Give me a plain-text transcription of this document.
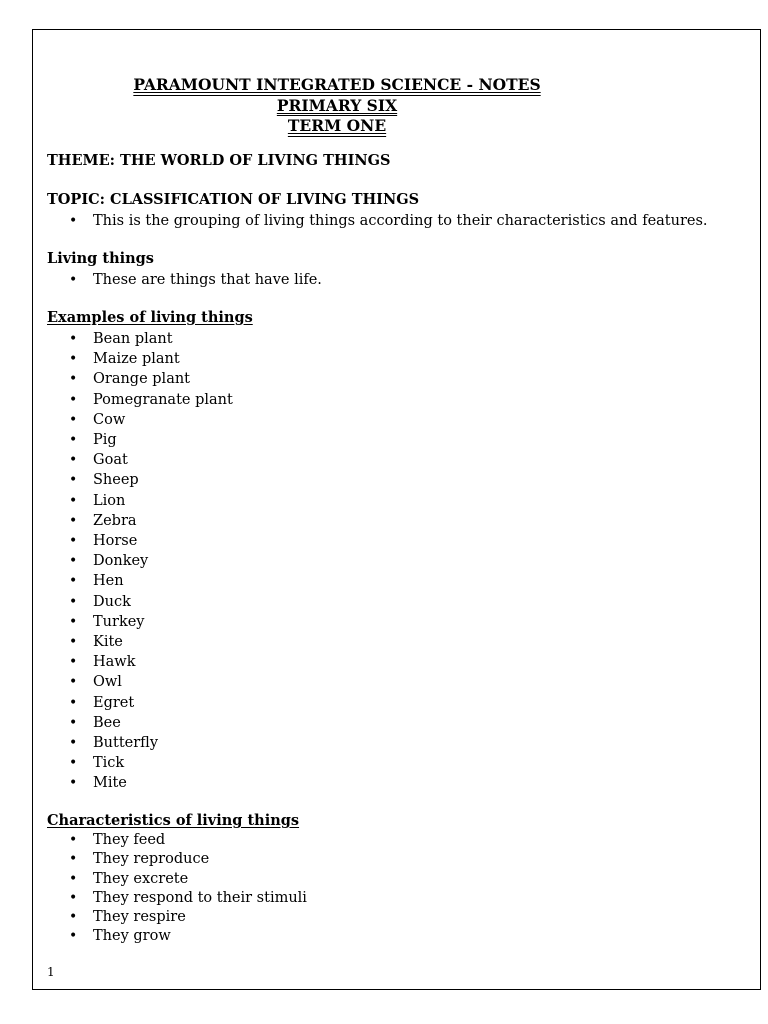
PARAMOUNT INTEGRATED SCIENCE - NOTES
PRIMARY SIX
TERM ONE
THEME: THE WORLD OF LIVING THINGS
TOPIC: CLASSIFICATION OF LIVING THINGS
• This is the grouping of living things according to their characteristics and features.
Living things
• These are things that have life.
Examples of living things
• Bean plant
• Maize plant
• Orange plant
• Pomegranate plant
• Cow
• Pig
• Goat
• Sheep
• Lion
• Zebra
• Horse
• Donkey
• Hen
• Duck
• Turkey
• Kite
• Hawk
• Owl
• Egret
• Bee
• Butterfly
• Tick
• Mite
Characteristics of living things
• They feed
• They reproduce
• They excrete
• They respond to their stimuli
• They respire
• They grow
1
